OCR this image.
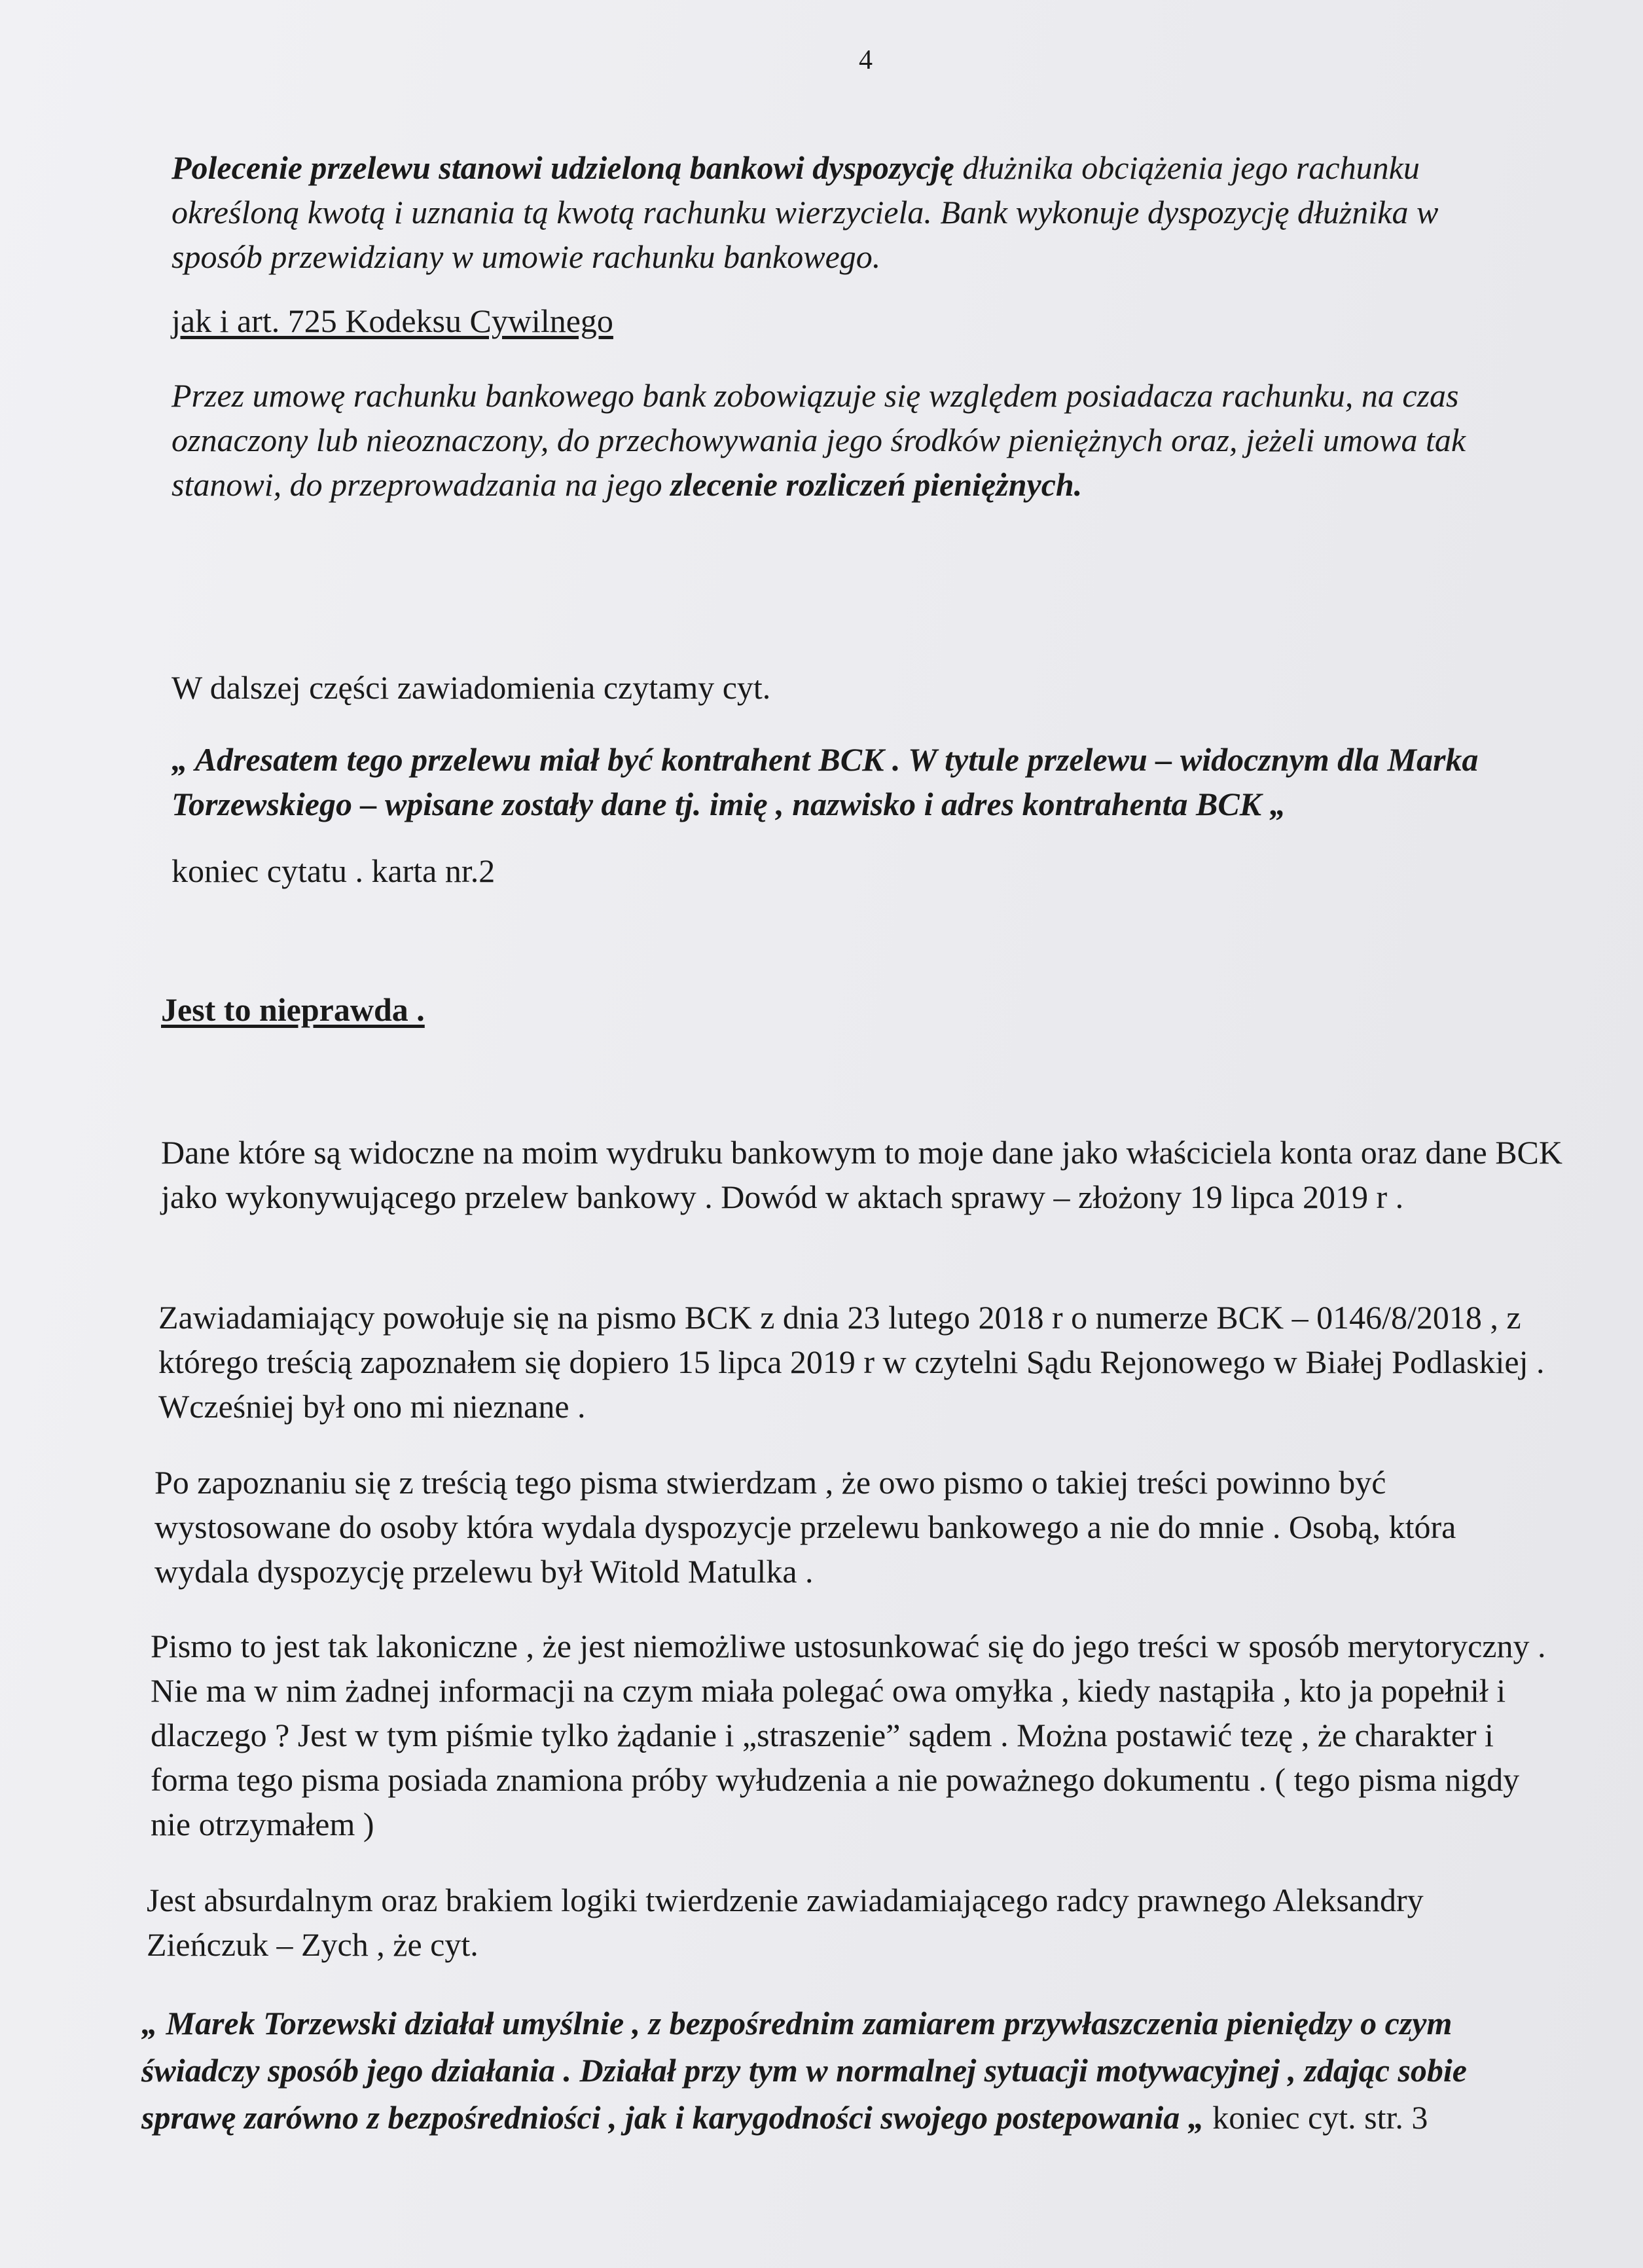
4

Polecenie przelewu stanowi udzieloną bankowi dyspozycję dłużnika obciążenia jego rachunku określoną kwotą i uznania tą kwotą rachunku wierzyciela. Bank wykonuje dyspozycję dłużnika w sposób przewidziany w umowie rachunku bankowego.

jak i art. 725 Kodeksu Cywilnego

Przez umowę rachunku bankowego bank zobowiązuje się względem posiadacza rachunku, na czas oznaczony lub nieoznaczony, do przechowywania jego środków pieniężnych oraz, jeżeli umowa tak stanowi, do przeprowadzania na jego zlecenie rozliczeń pieniężnych.

W dalszej części zawiadomienia czytamy cyt.

„ Adresatem tego przelewu miał być kontrahent BCK . W tytule przelewu – widocznym dla Marka Torzewskiego – wpisane zostały dane tj. imię , nazwisko i adres kontrahenta BCK „

koniec cytatu . karta nr.2

Jest to nieprawda .

Dane które są widoczne na moim wydruku bankowym to moje dane jako właściciela konta oraz dane BCK jako wykonywującego przelew bankowy . Dowód w aktach sprawy – złożony 19 lipca 2019 r .

Zawiadamiający powołuje się na pismo BCK z dnia 23 lutego 2018 r o numerze BCK – 0146/8/2018 , z którego treścią zapoznałem się dopiero 15 lipca 2019 r w czytelni Sądu Rejonowego w Białej Podlaskiej . Wcześniej był ono mi nieznane .

Po zapoznaniu się z treścią tego pisma stwierdzam , że owo pismo o takiej treści powinno być wystosowane do osoby która wydala dyspozycje przelewu bankowego a nie do mnie . Osobą, która wydala dyspozycję przelewu był Witold Matulka .

Pismo to jest tak lakoniczne , że jest niemożliwe ustosunkować się do jego treści w sposób merytoryczny . Nie ma w nim żadnej informacji na czym miała polegać owa omyłka , kiedy nastąpiła , kto ja popełnił i dlaczego ? Jest w tym piśmie tylko żądanie i „straszenie” sądem . Można postawić tezę , że charakter i forma tego pisma posiada znamiona próby wyłudzenia a nie poważnego dokumentu . ( tego pisma nigdy nie otrzymałem )

Jest absurdalnym oraz brakiem logiki twierdzenie zawiadamiającego radcy prawnego Aleksandry Zieńczuk – Zych , że cyt.

„ Marek Torzewski działał umyślnie , z bezpośrednim zamiarem przywłaszczenia pieniędzy o czym świadczy sposób jego działania . Działał przy tym w normalnej sytuacji motywacyjnej , zdając sobie sprawę zarówno z bezpośredniości , jak i karygodności swojego postepowania „ koniec cyt. str. 3
